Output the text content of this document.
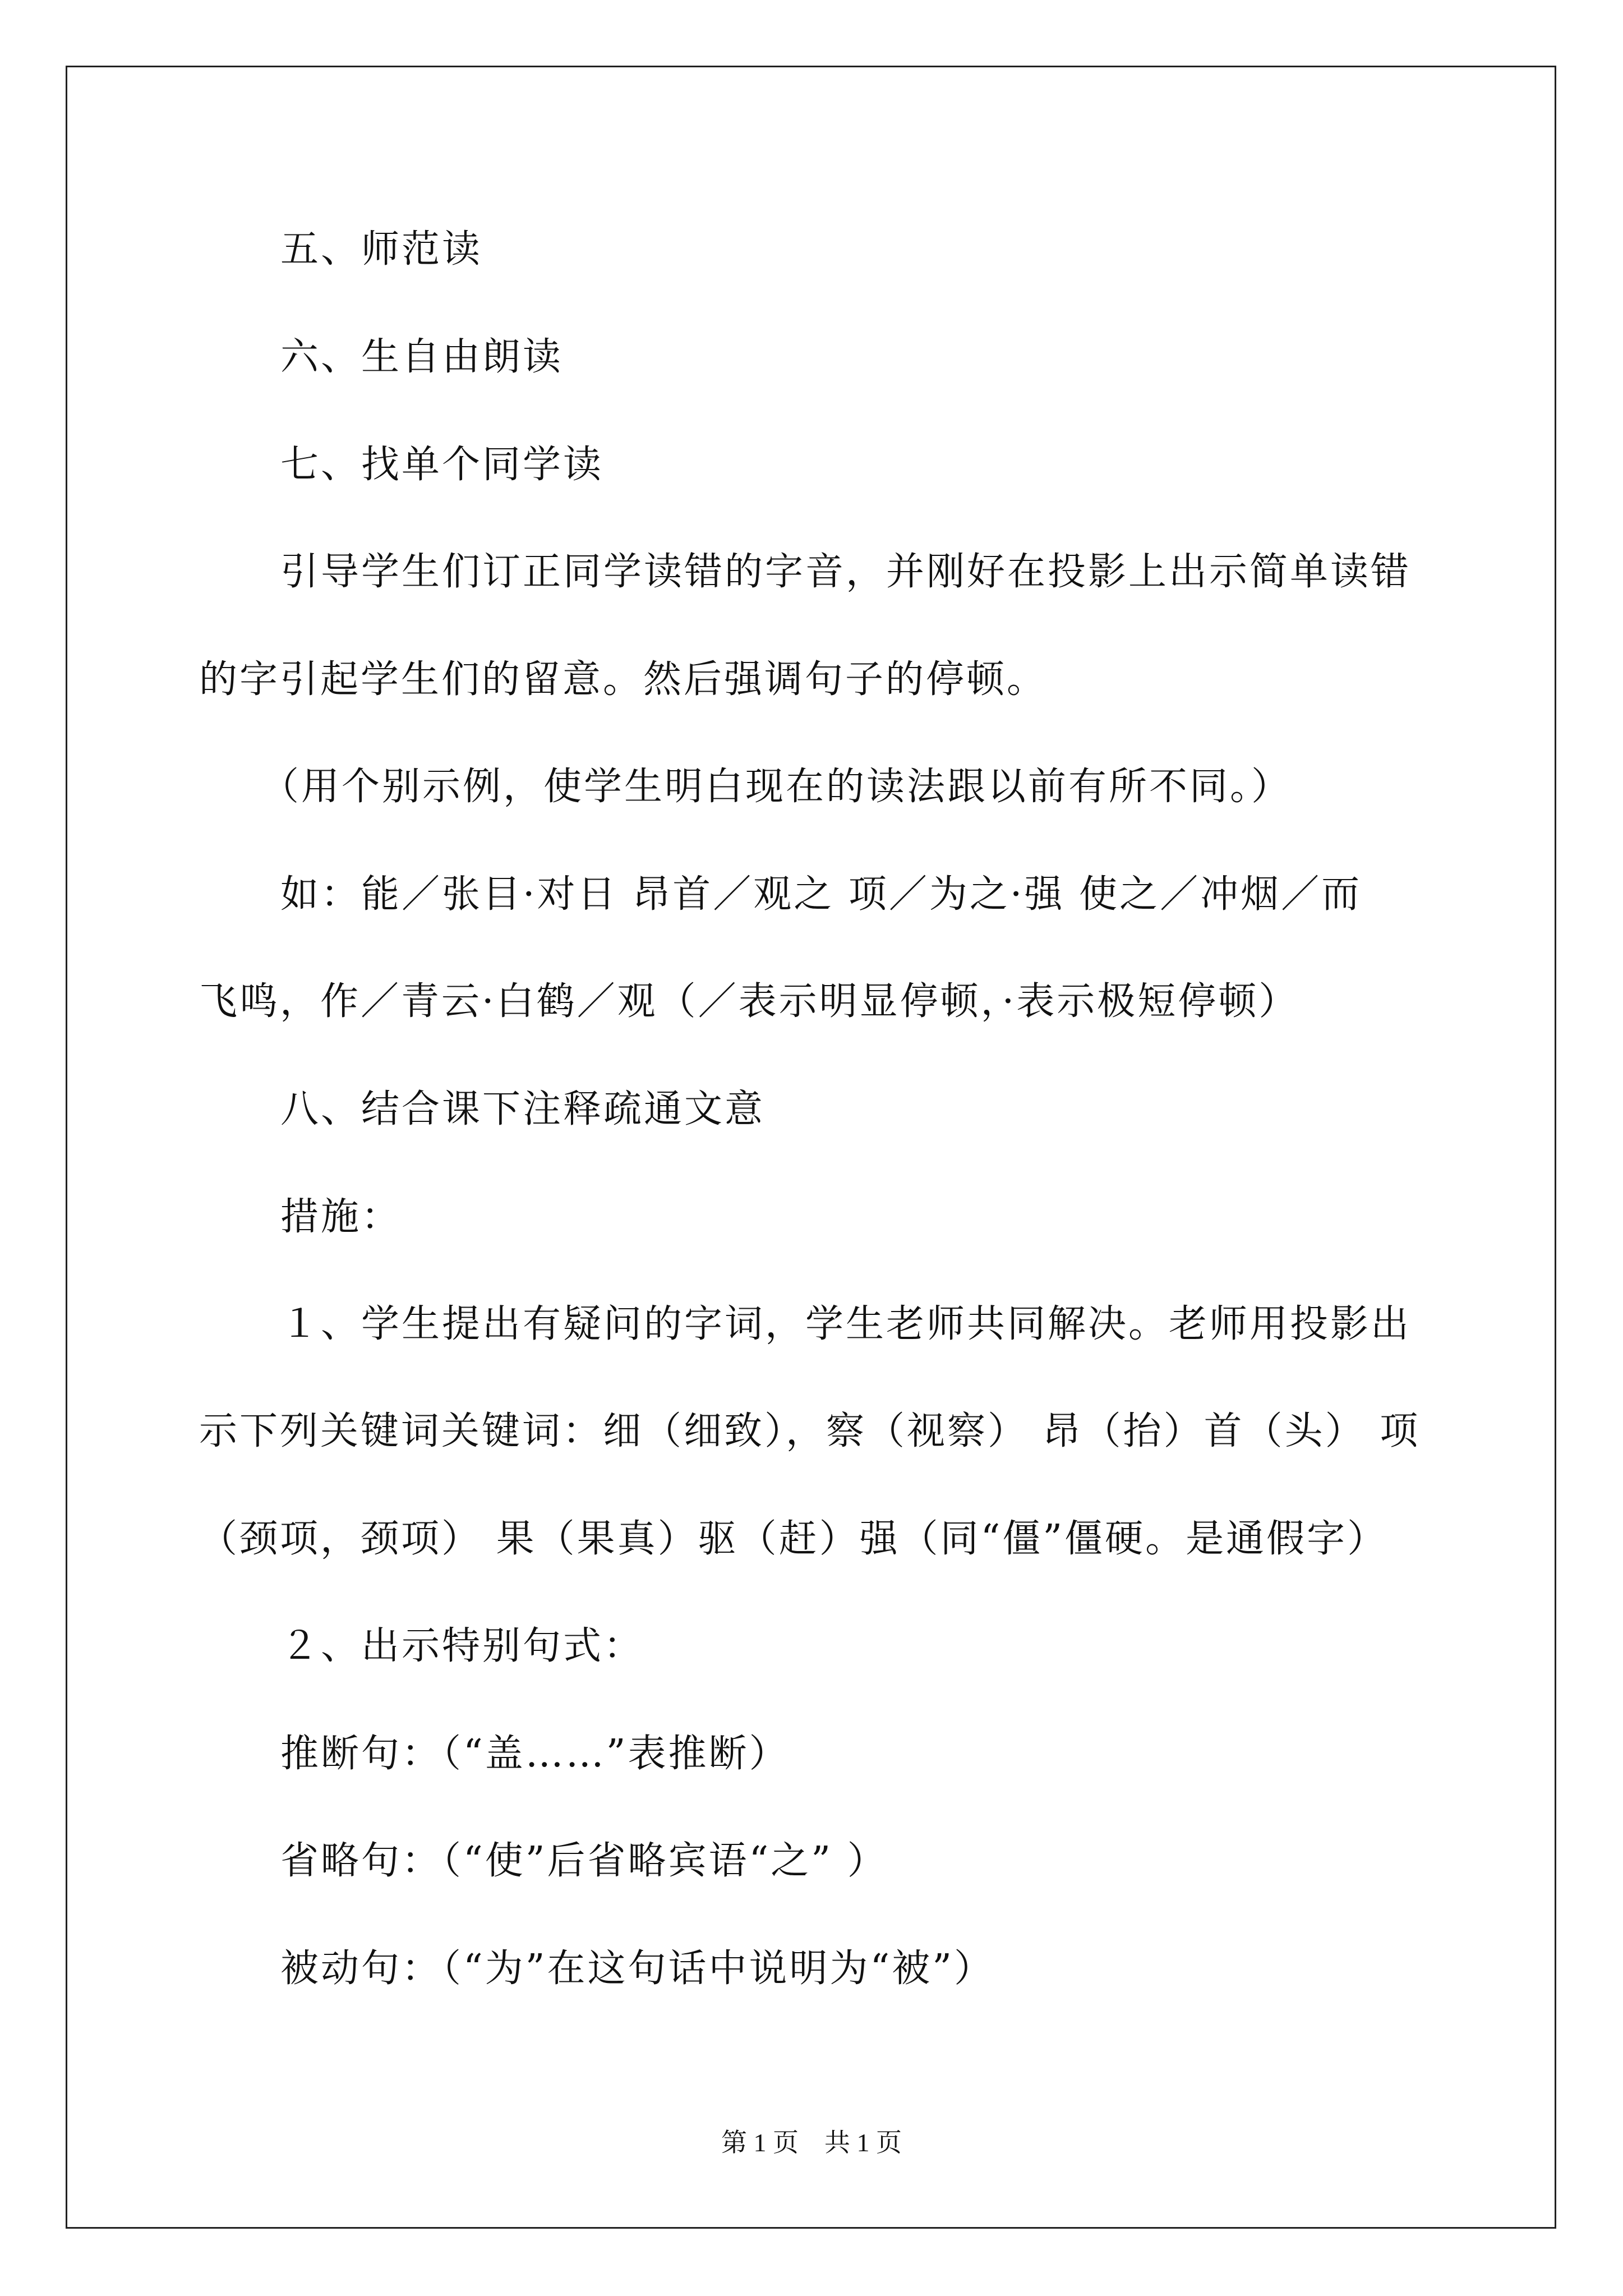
五、师范读
六、生自由朗读
七、找单个同学读
引导学生们订正同学读错的字音，并刚好在投影上出示简单读错
的字引起学生们的留意。然后强调句子的停顿。
（用个别示例，使学生明白现在的读法跟以前有所不同。）
如：能／张目·对日 昂首／观之 项／为之·强 使之／冲烟／而
飞鸣，作／青云·白鹤／观（／表示明显停顿，·表示极短停顿）
八、结合课下注释疏通文意
措施：
１、学生提出有疑问的字词，学生老师共同解决。老师用投影出
示下列关键词关键词：细（细致），察（视察） 昂（抬）首（头） 项
（颈项，颈项） 果（果真）驱（赶）强（同“僵”僵硬。是通假字）
２、出示特别句式：
推断句：（“盖……”表推断）
省略句：（“使”后省略宾语“之” ）
被动句：（“为”在这句话中说明为“被”）
第 1 页　共 1 页
